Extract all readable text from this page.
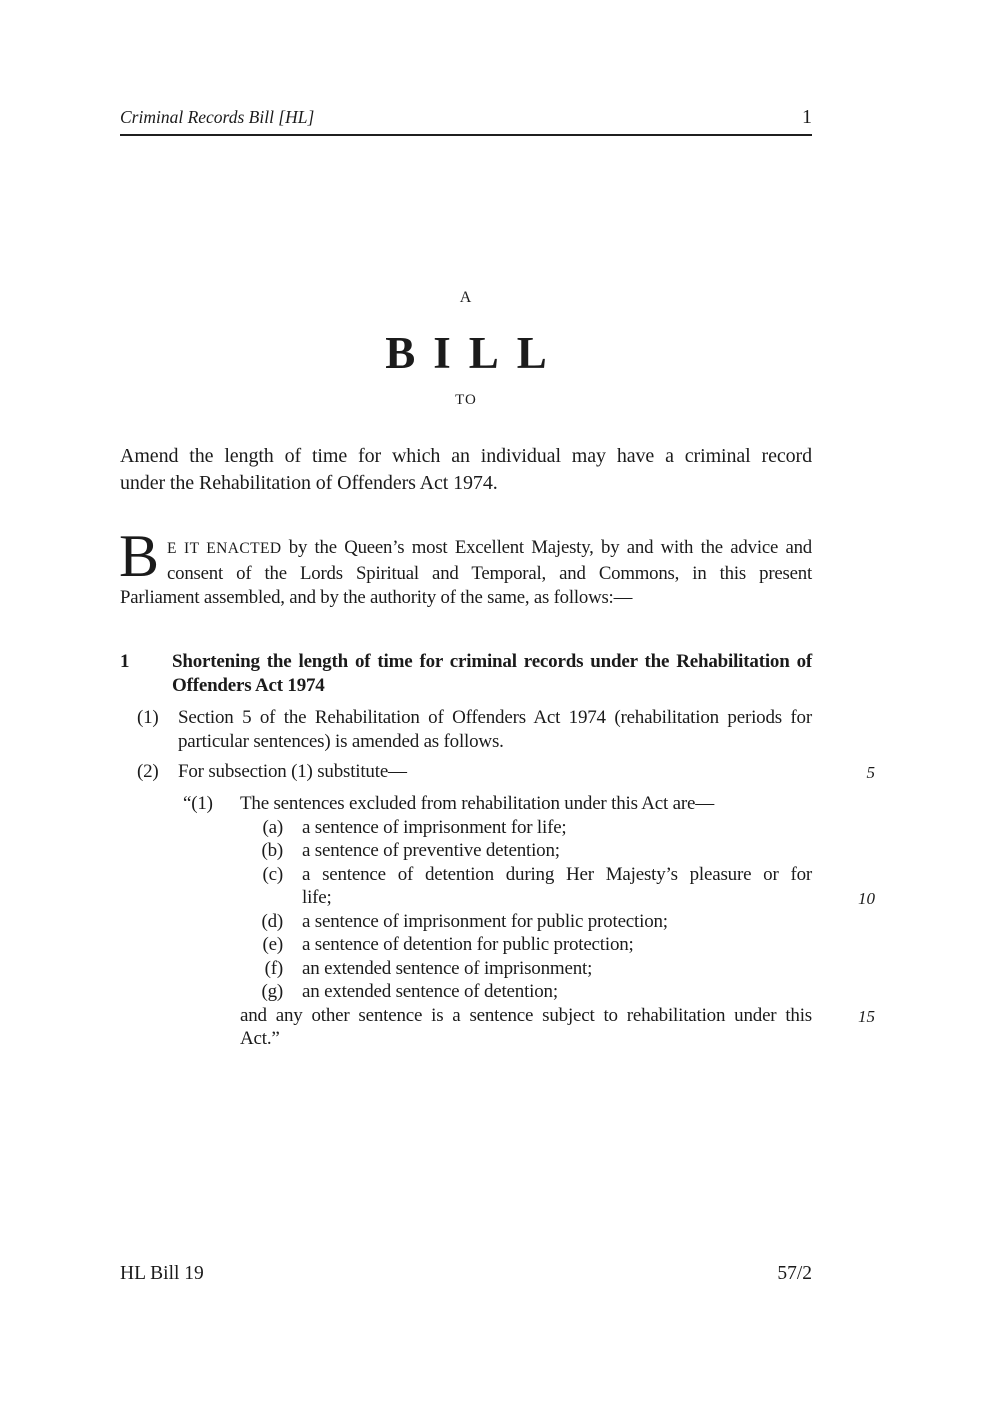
Criminal Records Bill [HL]	1
A
BILL
TO
Amend the length of time for which an individual may have a criminal record
under the Rehabilitation of Offenders Act 1974.
B E IT ENACTED by the Queen’s most Excellent Majesty, by and with the advice and
consent of the Lords Spiritual and Temporal, and Commons, in this present
Parliament assembled, and by the authority of the same, as follows:—
1 Shortening the length of time for criminal records under the Rehabilitation of
Offenders Act 1974
(1)	Section 5 of the Rehabilitation of Offenders Act 1974 (rehabilitation periods for
particular sentences) is amended as follows.
(2)	For subsection (1) substitute—
“(1) The sentences excluded from rehabilitation under this Act are—
(a) a sentence of imprisonment for life;
(b) a sentence of preventive detention;
(c) a sentence of detention during Her Majesty’s pleasure or for
life;
(d) a sentence of imprisonment for public protection;
(e) a sentence of detention for public protection;
(f) an extended sentence of imprisonment;
(g) an extended sentence of detention;
and any other sentence is a sentence subject to rehabilitation under this
Act.”
5
10
15
HL Bill 19	57/2
